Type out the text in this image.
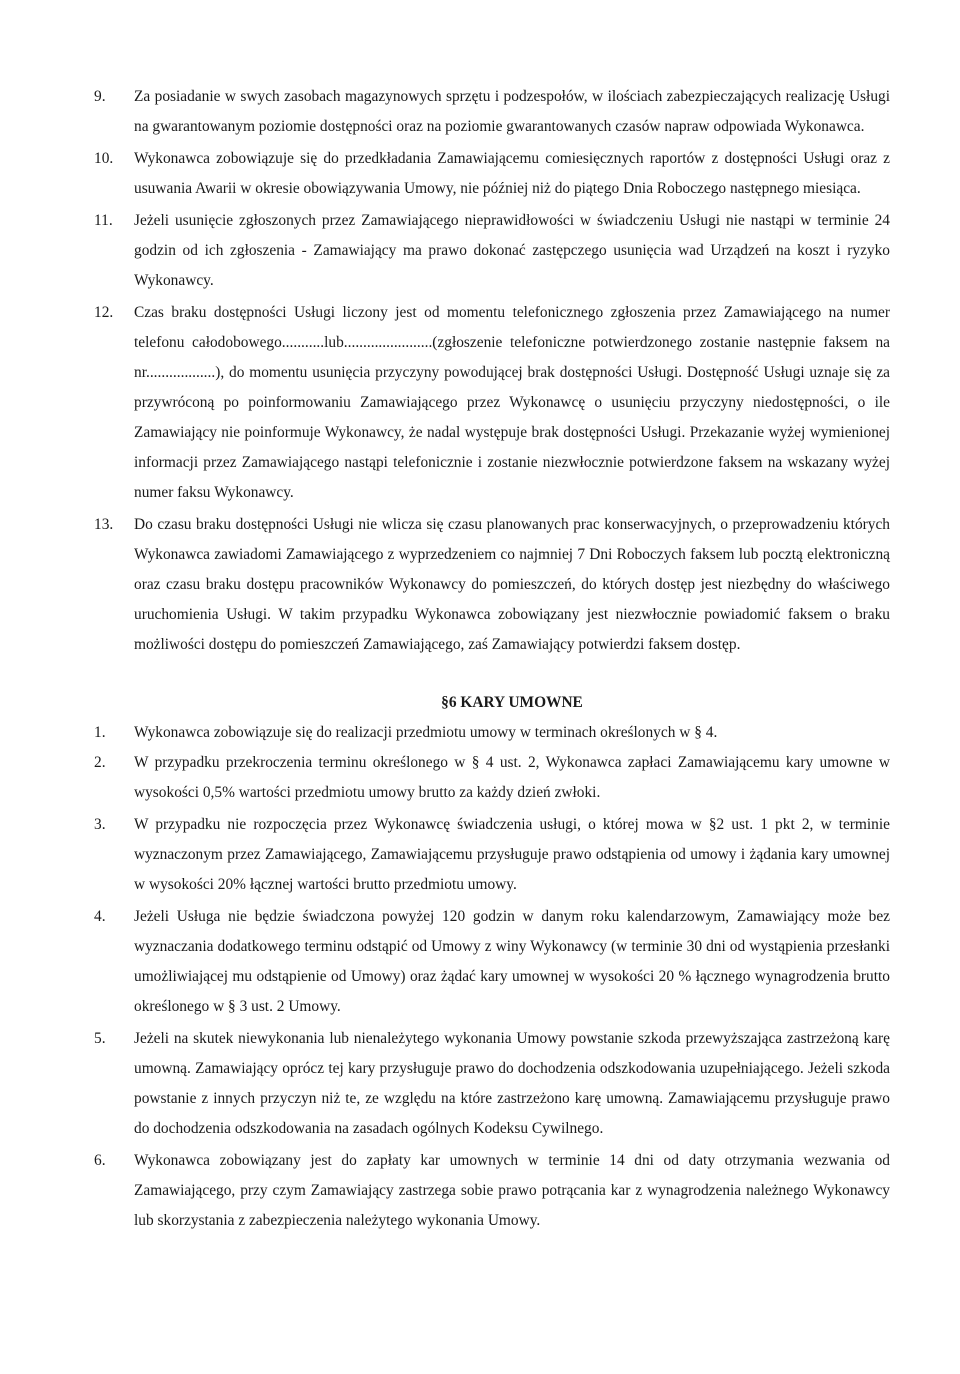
9.	Za posiadanie w swych zasobach magazynowych sprzętu i podzespołów, w ilościach zabezpieczających realizację Usługi na gwarantowanym poziomie dostępności oraz na poziomie gwarantowanych czasów napraw odpowiada Wykonawca.
10.	Wykonawca zobowiązuje się do przedkładania Zamawiającemu comiesięcznych raportów z dostępności Usługi oraz z usuwania Awarii w okresie obowiązywania Umowy, nie później niż do piątego Dnia Roboczego następnego miesiąca.
11.	Jeżeli usunięcie zgłoszonych przez Zamawiającego nieprawidłowości w świadczeniu Usługi nie nastąpi w terminie 24 godzin od ich zgłoszenia - Zamawiający ma prawo dokonać zastępczego usunięcia wad Urządzeń na koszt i ryzyko Wykonawcy.
12.	Czas braku dostępności Usługi liczony jest od momentu telefonicznego zgłoszenia przez Zamawiającego na numer telefonu całodobowego...........lub.......................(zgłoszenie telefoniczne potwierdzonego zostanie następnie faksem na nr..................), do momentu usunięcia przyczyny powodującej brak dostępności Usługi. Dostępność Usługi uznaje się za przywróconą po poinformowaniu Zamawiającego przez Wykonawcę o usunięciu przyczyny niedostępności, o ile Zamawiający nie poinformuje Wykonawcy, że nadal występuje brak dostępności Usługi. Przekazanie wyżej wymienionej informacji przez Zamawiającego nastąpi telefonicznie i zostanie niezwłocznie potwierdzone faksem na wskazany wyżej numer faksu Wykonawcy.
13.	Do czasu braku dostępności Usługi nie wlicza się czasu planowanych prac konserwacyjnych, o przeprowadzeniu których Wykonawca zawiadomi Zamawiającego z wyprzedzeniem co najmniej 7 Dni Roboczych faksem lub pocztą elektroniczną oraz czasu braku dostępu pracowników Wykonawcy do pomieszczeń, do których dostęp jest niezbędny do właściwego uruchomienia Usługi. W takim przypadku Wykonawca zobowiązany jest niezwłocznie powiadomić faksem o braku możliwości dostępu do pomieszczeń Zamawiającego, zaś Zamawiający potwierdzi faksem dostęp.
§6 KARY UMOWNE
1.	Wykonawca zobowiązuje się do realizacji przedmiotu umowy w terminach określonych w § 4.
2.	W przypadku przekroczenia terminu określonego w § 4 ust. 2, Wykonawca zapłaci Zamawiającemu kary umowne w wysokości 0,5% wartości przedmiotu umowy brutto za każdy dzień zwłoki.
3.	W przypadku nie rozpoczęcia przez Wykonawcę świadczenia usługi, o której mowa w §2 ust. 1 pkt 2, w terminie wyznaczonym przez Zamawiającego, Zamawiającemu przysługuje prawo odstąpienia od umowy i żądania kary umownej w wysokości 20% łącznej wartości brutto przedmiotu umowy.
4.	Jeżeli Usługa nie będzie świadczona powyżej 120 godzin w danym roku kalendarzowym, Zamawiający może bez wyznaczania dodatkowego terminu odstąpić od Umowy z winy Wykonawcy (w terminie 30 dni od wystąpienia przesłanki umożliwiającej mu odstąpienie od Umowy) oraz żądać kary umownej w wysokości 20 % łącznego wynagrodzenia brutto określonego w § 3 ust. 2 Umowy.
5.	Jeżeli na skutek niewykonania lub nienależytego wykonania Umowy powstanie szkoda przewyższająca zastrzeżoną karę umowną. Zamawiający oprócz tej kary przysługuje prawo do dochodzenia odszkodowania uzupełniającego. Jeżeli szkoda powstanie z innych przyczyn niż te, ze względu na które zastrzeżono karę umowną. Zamawiającemu przysługuje prawo do dochodzenia odszkodowania na zasadach ogólnych Kodeksu Cywilnego.
6.	Wykonawca zobowiązany jest do zapłaty kar umownych w terminie 14 dni od daty otrzymania wezwania od Zamawiającego, przy czym Zamawiający zastrzega sobie prawo potrącania kar z wynagrodzenia należnego Wykonawcy lub skorzystania z zabezpieczenia należytego wykonania Umowy.
